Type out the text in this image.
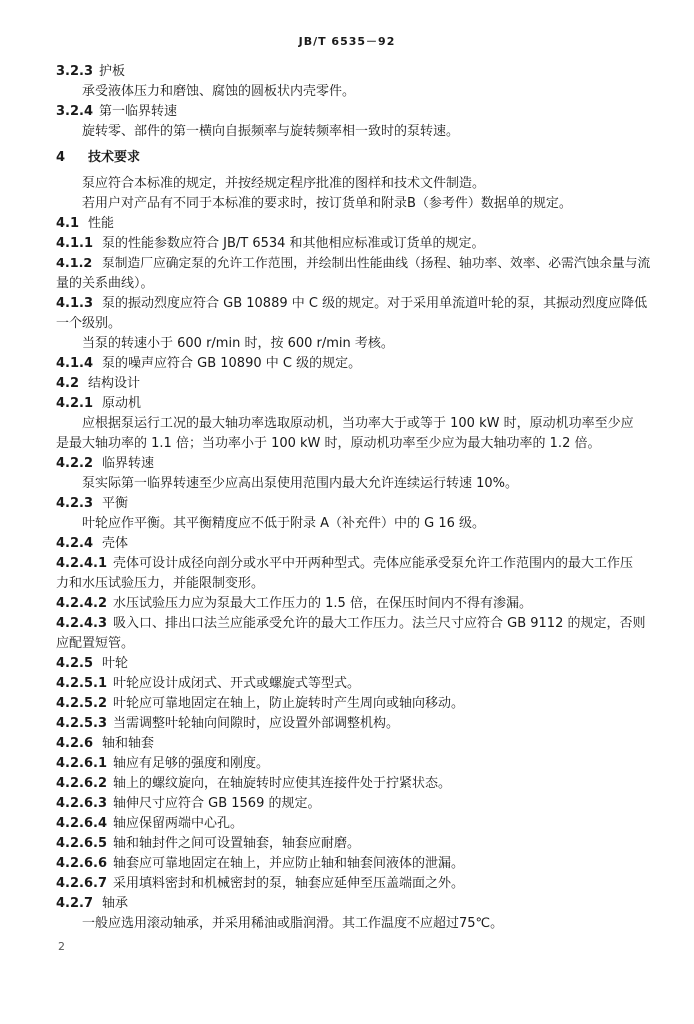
JB/T 6535－92
3.2.3 护板
承受液体压力和磨蚀、腐蚀的圆板状内壳零件。
3.2.4 第一临界转速
旋转零、部件的第一横向自振频率与旋转频率相一致时的泵转速。
4 技术要求
泵应符合本标准的规定，并按经规定程序批准的图样和技术文件制造。
若用户对产品有不同于本标准的要求时，按订货单和附录B（参考件）数据单的规定。
4.1 性能
4.1.1 泵的性能参数应符合 JB/T 6534 和其他相应标准或订货单的规定。
4.1.2 泵制造厂应确定泵的允许工作范围，并绘制出性能曲线（扬程、轴功率、效率、必需汽蚀余量与流
量的关系曲线）。
4.1.3 泵的振动烈度应符合 GB 10889 中 C 级的规定。对于采用单流道叶轮的泵，其振动烈度应降低
一个级别。
当泵的转速小于 600 r/min 时，按 600 r/min 考核。
4.1.4 泵的噪声应符合 GB 10890 中 C 级的规定。
4.2 结构设计
4.2.1 原动机
应根据泵运行工况的最大轴功率选取原动机，当功率大于或等于 100 kW 时，原动机功率至少应
是最大轴功率的 1.1 倍；当功率小于 100 kW 时，原动机功率至少应为最大轴功率的 1.2 倍。
4.2.2 临界转速
泵实际第一临界转速至少应高出泵使用范围内最大允许连续运行转速 10%。
4.2.3 平衡
叶轮应作平衡。其平衡精度应不低于附录 A（补充件）中的 G 16 级。
4.2.4 壳体
4.2.4.1 壳体可设计成径向剖分或水平中开两种型式。壳体应能承受泵允许工作范围内的最大工作压
力和水压试验压力，并能限制变形。
4.2.4.2 水压试验压力应为泵最大工作压力的 1.5 倍，在保压时间内不得有渗漏。
4.2.4.3 吸入口、排出口法兰应能承受允许的最大工作压力。法兰尺寸应符合 GB 9112 的规定，否则
应配置短管。
4.2.5 叶轮
4.2.5.1 叶轮应设计成闭式、开式或螺旋式等型式。
4.2.5.2 叶轮应可靠地固定在轴上，防止旋转时产生周向或轴向移动。
4.2.5.3 当需调整叶轮轴向间隙时，应设置外部调整机构。
4.2.6 轴和轴套
4.2.6.1 轴应有足够的强度和刚度。
4.2.6.2 轴上的螺纹旋向，在轴旋转时应使其连接件处于拧紧状态。
4.2.6.3 轴伸尺寸应符合 GB 1569 的规定。
4.2.6.4 轴应保留两端中心孔。
4.2.6.5 轴和轴封件之间可设置轴套，轴套应耐磨。
4.2.6.6 轴套应可靠地固定在轴上，并应防止轴和轴套间液体的泄漏。
4.2.6.7 采用填料密封和机械密封的泵，轴套应延伸至压盖端面之外。
4.2.7 轴承
一般应选用滚动轴承，并采用稀油或脂润滑。其工作温度不应超过75℃。
2
